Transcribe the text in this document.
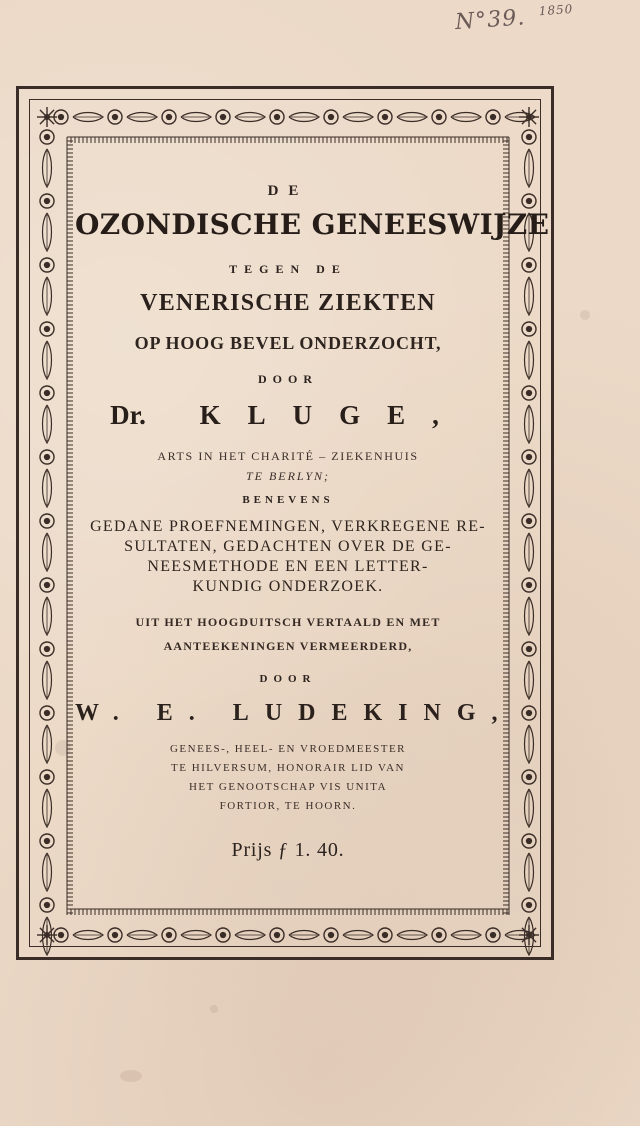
N°39. $^{1850}$
DE
OZONDISCHE GENEESWIJZE
TEGEN DE
VENERISCHE ZIEKTEN
OP HOOG BEVEL ONDERZOCHT,
DOOR
Dr. KLUGE,
ARTS IN HET CHARITÉ – ZIEKENHUIS
TE BERLYN;
BENEVENS
GEDANE PROEFNEMINGEN, VERKREGENE RE-
SULTATEN, GEDACHTEN OVER DE GE-
NEESMETHODE EN EEN LETTER-
KUNDIG ONDERZOEK.
UIT HET HOOGDUITSCH VERTAALD EN MET
AANTEEKENINGEN VERMEERDERD,
DOOR
W. E. LUDEKING,
GENEES-, HEEL- EN VROEDMEESTER
TE HILVERSUM, HONORAIR LID VAN
HET GENOOTSCHAP VIS UNITA
FORTIOR, TE HOORN.
Prijs ƒ 1. 40.
